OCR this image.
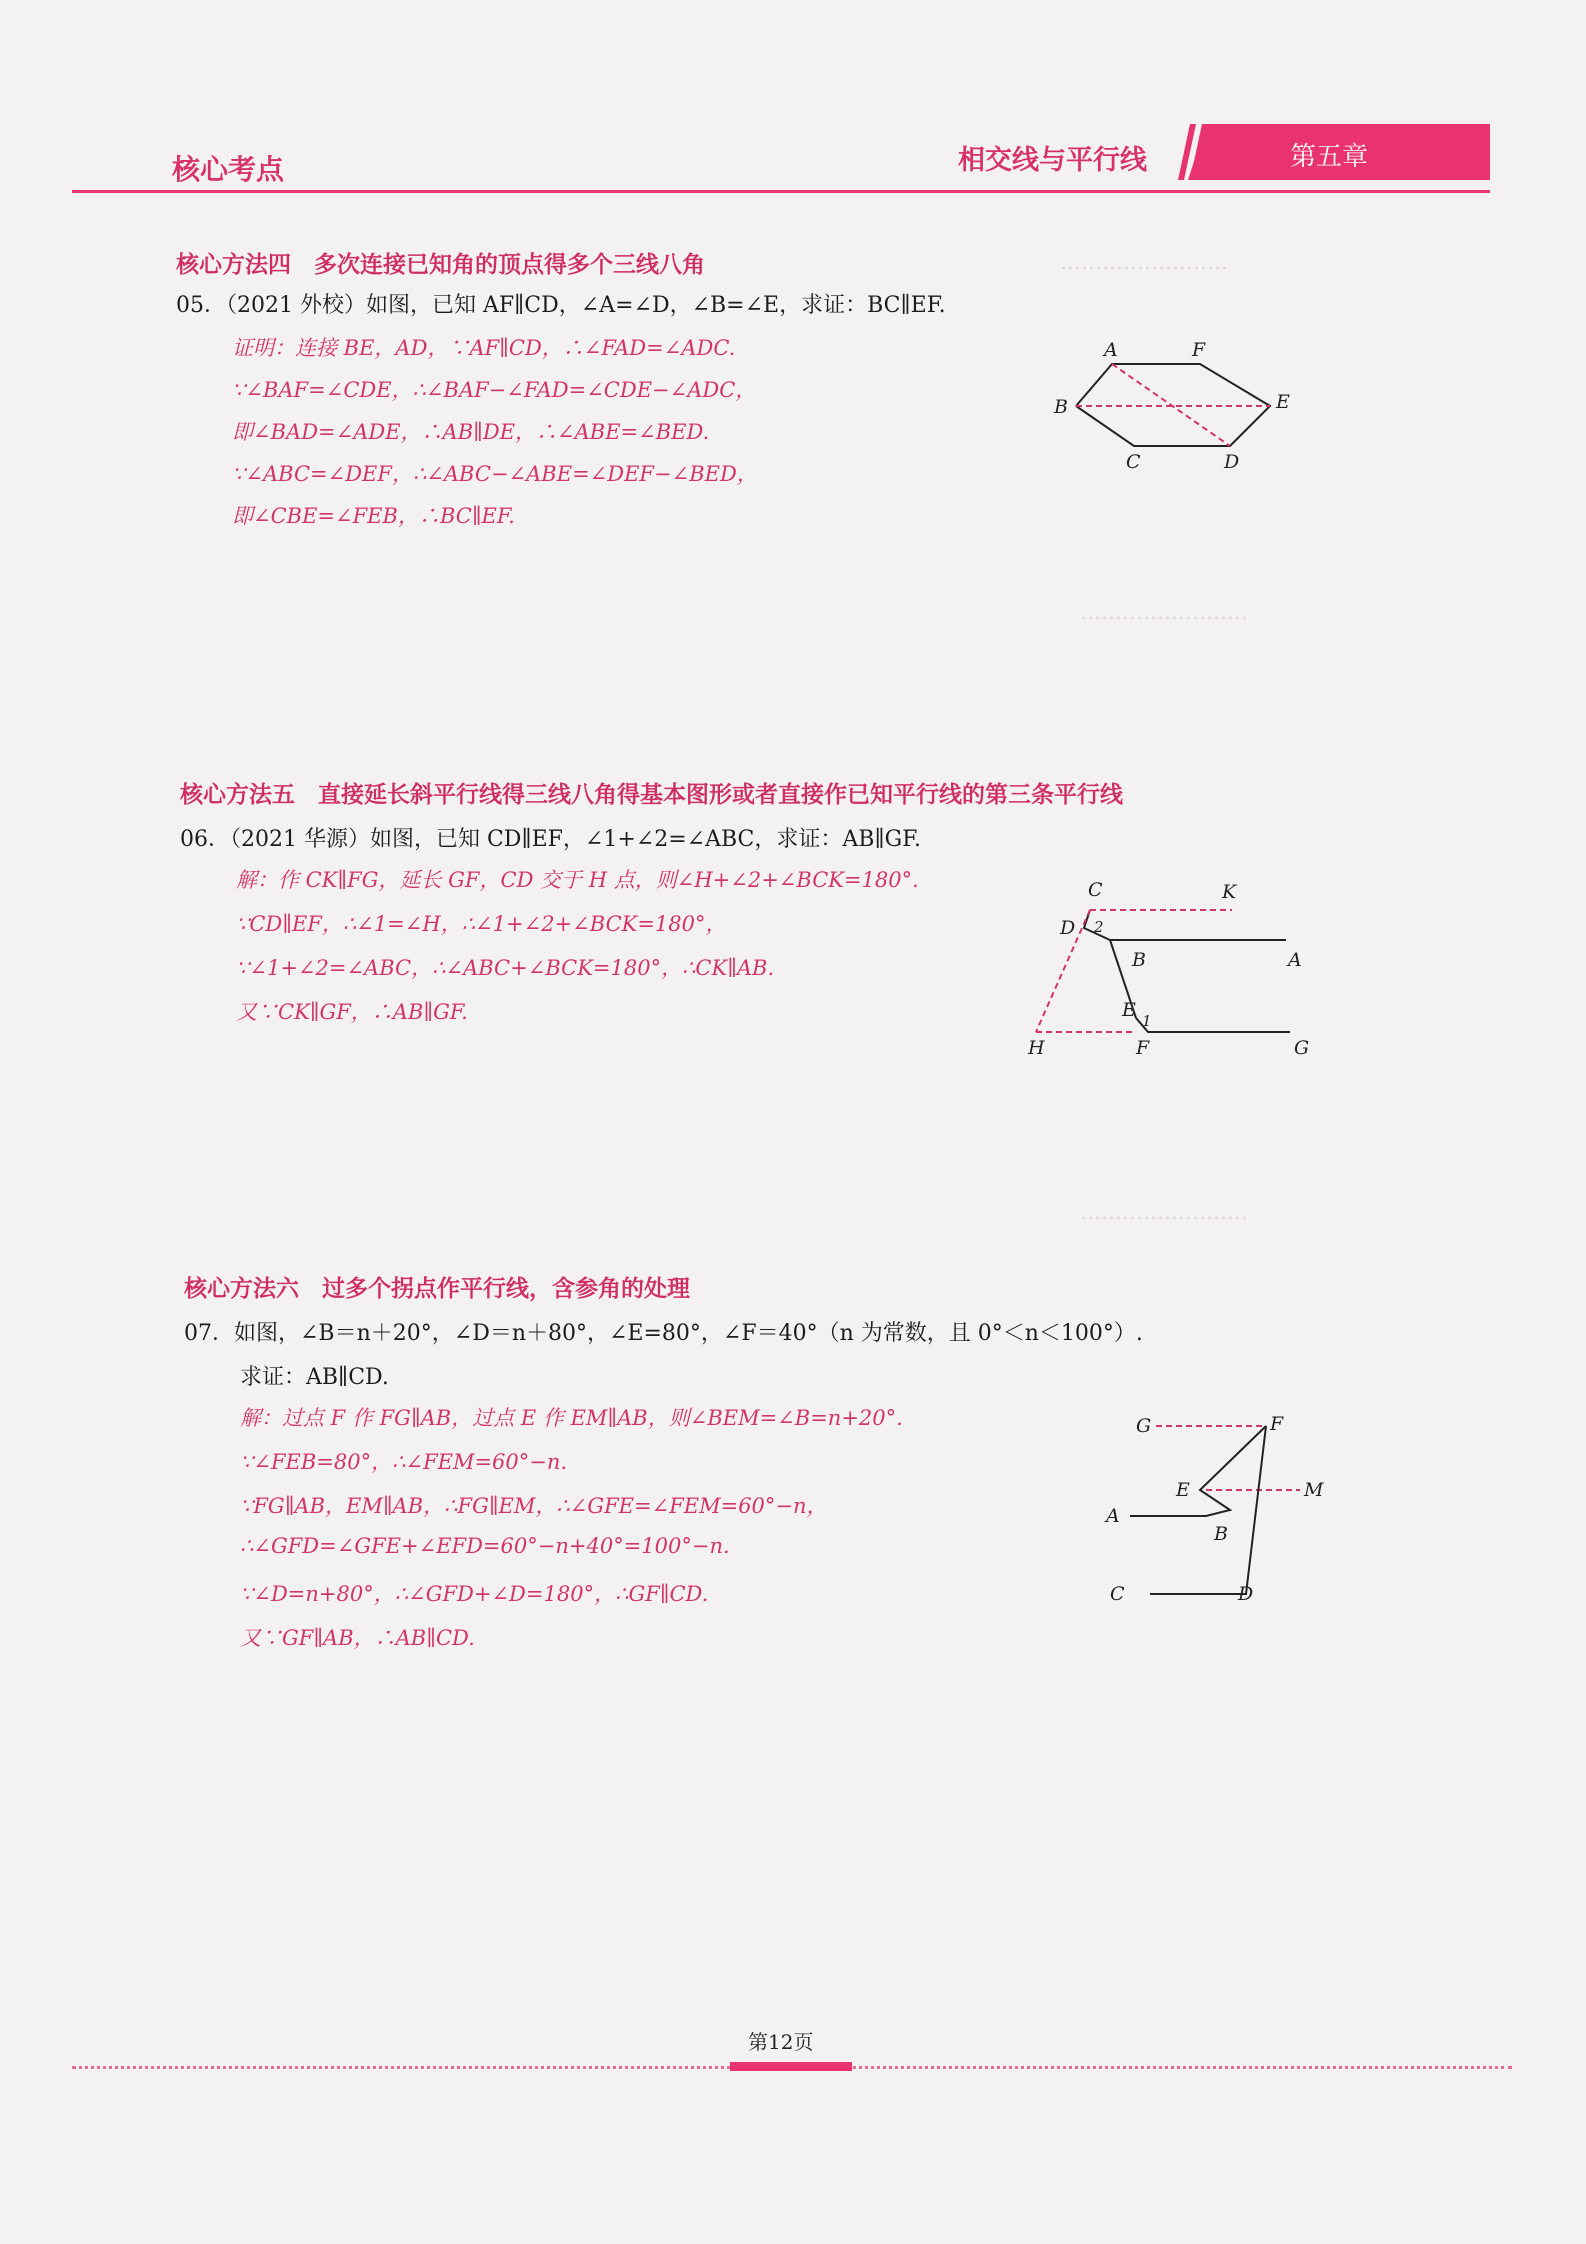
……………………
……………………
……………………
核心考点	相交线与平行线	第五章
核心方法四　多次连接已知角的顶点得多个三线八角
05．（2021 外校）如图，已知 AF∥CD，∠A=∠D，∠B=∠E，求证：BC∥EF.
证明：连接 BE，AD，∵AF∥CD，∴∠FAD=∠ADC.
∵∠BAF=∠CDE，∴∠BAF−∠FAD=∠CDE−∠ADC，
即∠BAD=∠ADE，∴AB∥DE，∴∠ABE=∠BED.
∵∠ABC=∠DEF，∴∠ABC−∠ABE=∠DEF−∠BED，
即∠CBE=∠FEB，∴BC∥EF.
A	F
B	E
C	D
核心方法五　直接延长斜平行线得三线八角得基本图形或者直接作已知平行线的第三条平行线
06．（2021 华源）如图，已知 CD∥EF，∠1+∠2=∠ABC，求证：AB∥GF.
解：作 CK∥FG，延长 GF，CD 交于 H 点，则∠H+∠2+∠BCK=180°.
∵CD∥EF，∴∠1=∠H，∴∠1+∠2+∠BCK=180°，
∵∠1+∠2=∠ABC，∴∠ABC+∠BCK=180°，∴CK∥AB.
又∵CK∥GF，∴AB∥GF.
C	K
D 2
B	A
E 1
H	F	G
核心方法六　过多个拐点作平行线，含参角的处理
07．如图，∠B＝n＋20°，∠D＝n＋80°，∠E=80°，∠F＝40°（n 为常数，且 0°＜n＜100°）.
求证：AB∥CD.
解：过点 F 作 FG∥AB，过点 E 作 EM∥AB，则∠BEM=∠B=n+20°.
∵∠FEB=80°，∴∠FEM=60°−n.
∵FG∥AB，EM∥AB，∴FG∥EM，∴∠GFE=∠FEM=60°−n，
∴∠GFD=∠GFE+∠EFD=60°−n+40°=100°−n.
∵∠D=n+80°，∴∠GFD+∠D=180°，∴GF∥CD.
又∵GF∥AB，∴AB∥CD.
G	F
E	M
A
B
C	D
第12页
